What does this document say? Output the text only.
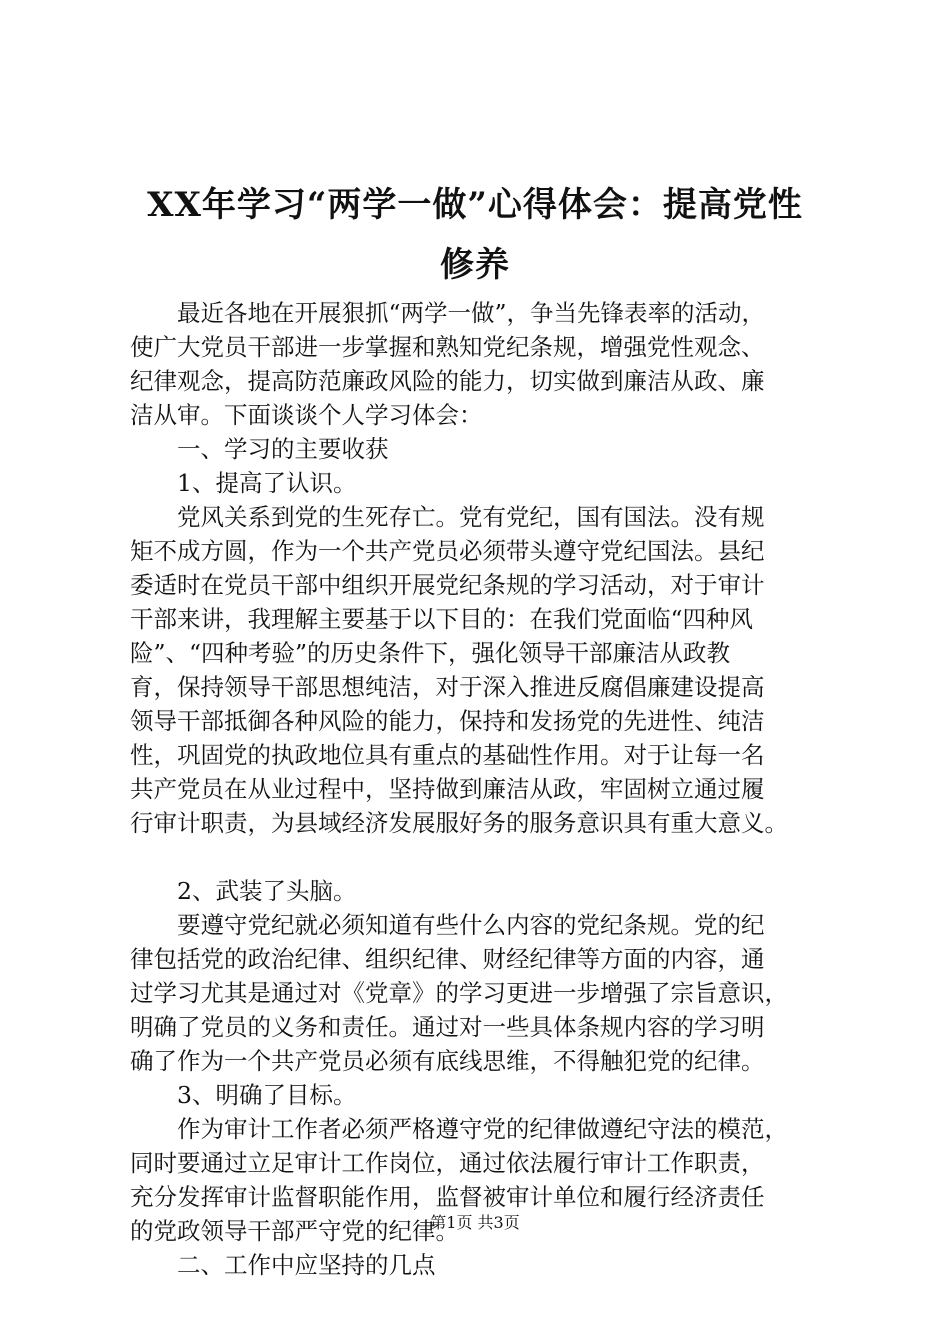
XX年学习“两学一做”心得体会：提高党性
修养

最近各地在开展狠抓“两学一做”，争当先锋表率的活动，
使广大党员干部进一步掌握和熟知党纪条规，增强党性观念、
纪律观念，提高防范廉政风险的能力，切实做到廉洁从政、廉
洁从审。下面谈谈个人学习体会：

一、学习的主要收获

1、提高了认识。

党风关系到党的生死存亡。党有党纪，国有国法。没有规
矩不成方圆，作为一个共产党员必须带头遵守党纪国法。县纪
委适时在党员干部中组织开展党纪条规的学习活动，对于审计
干部来讲，我理解主要基于以下目的：在我们党面临“四种风
险”、“四种考验”的历史条件下，强化领导干部廉洁从政教
育，保持领导干部思想纯洁，对于深入推进反腐倡廉建设提高
领导干部抵御各种风险的能力，保持和发扬党的先进性、纯洁
性，巩固党的执政地位具有重点的基础性作用。对于让每一名
共产党员在从业过程中，坚持做到廉洁从政，牢固树立通过履
行审计职责，为县域经济发展服好务的服务意识具有重大意义。

2、武装了头脑。

要遵守党纪就必须知道有些什么内容的党纪条规。党的纪
律包括党的政治纪律、组织纪律、财经纪律等方面的内容，通
过学习尤其是通过对《党章》的学习更进一步增强了宗旨意识，
明确了党员的义务和责任。通过对一些具体条规内容的学习明
确了作为一个共产党员必须有底线思维，不得触犯党的纪律。

3、明确了目标。

作为审计工作者必须严格遵守党的纪律做遵纪守法的模范，
同时要通过立足审计工作岗位，通过依法履行审计工作职责，
充分发挥审计监督职能作用，监督被审计单位和履行经济责任
的党政领导干部严守党的纪律。

二、工作中应坚持的几点

第1页 共3页
